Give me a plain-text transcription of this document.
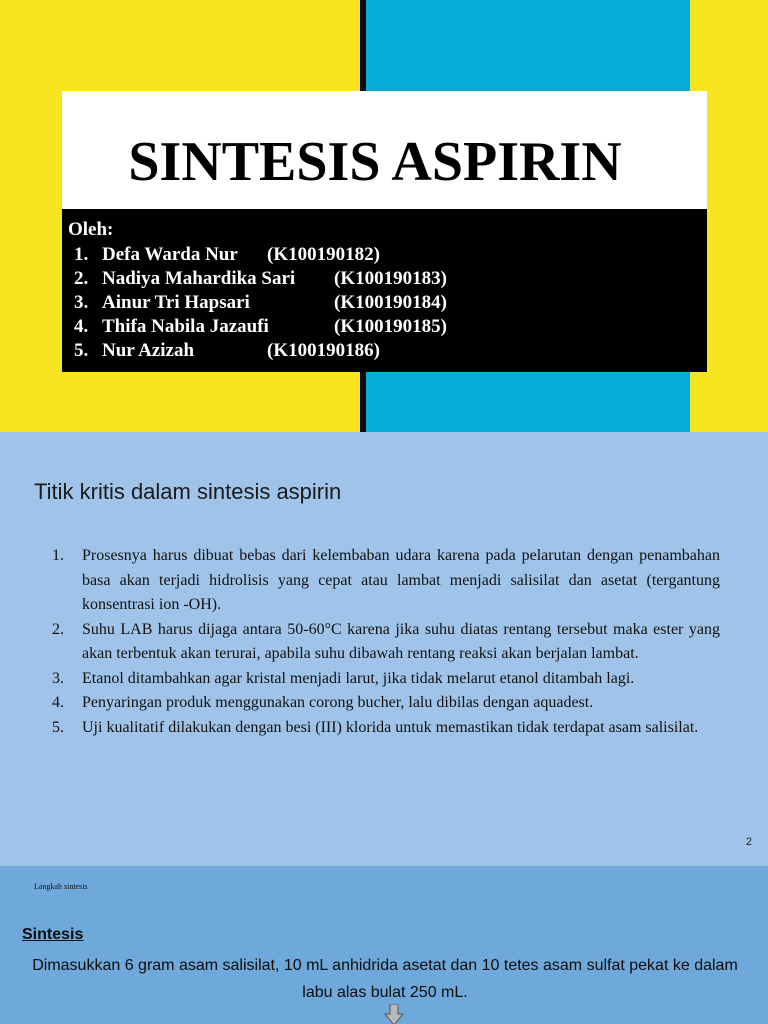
SINTESIS ASPIRIN
Oleh:
1. Defa Warda Nur (K100190182)
2. Nadiya Mahardika Sari (K100190183)
3. Ainur Tri Hapsari	(K100190184)
4. Thifa Nabila Jazaufi	(K100190185)
5. Nur Azizah	(K100190186)
Titik kritis dalam sintesis aspirin
1. Prosesnya harus dibuat bebas dari kelembaban udara karena pada pelarutan dengan penambahan basa akan terjadi hidrolisis yang cepat atau lambat menjadi salisilat dan asetat (tergantung konsentrasi ion -OH).
2. Suhu LAB harus dijaga antara 50-60°C karena jika suhu diatas rentang tersebut maka ester yang akan terbentuk akan terurai, apabila suhu dibawah rentang reaksi akan berjalan lambat.
3. Etanol ditambahkan agar kristal menjadi larut, jika tidak melarut etanol ditambah lagi.
4. Penyaringan produk menggunakan corong bucher, lalu dibilas dengan aquadest.
5. Uji kualitatif dilakukan dengan besi (III) klorida untuk memastikan tidak terdapat asam salisilat.
2
Langkah sintesis
Sintesis
Dimasukkan 6 gram asam salisilat, 10 mL anhidrida asetat dan 10 tetes asam sulfat pekat ke dalam labu alas bulat 250 mL.
